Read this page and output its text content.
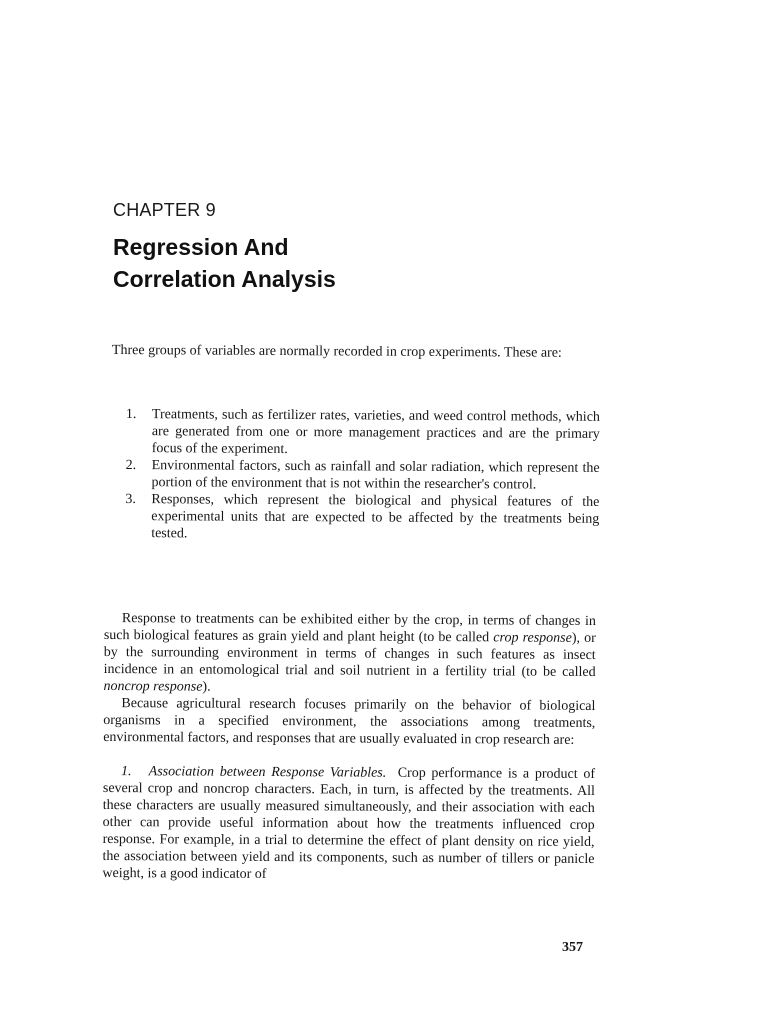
CHAPTER 9
Regression And
Correlation Analysis

Three groups of variables are normally recorded in crop experiments. These are:

1. Treatments, such as fertilizer rates, varieties, and weed control methods, which are generated from one or more management practices and are the primary focus of the experiment.
2. Environmental factors, such as rainfall and solar radiation, which represent the portion of the environment that is not within the researcher's control.
3. Responses, which represent the biological and physical features of the experimental units that are expected to be affected by the treatments being tested.

Response to treatments can be exhibited either by the crop, in terms of changes in such biological features as grain yield and plant height (to be called crop response), or by the surrounding environment in terms of changes in such features as insect incidence in an entomological trial and soil nutrient in a fertility trial (to be called noncrop response).

Because agricultural research focuses primarily on the behavior of biological organisms in a specified environment, the associations among treatments, environmental factors, and responses that are usually evaluated in crop research are:

1. Association between Response Variables. Crop performance is a product of several crop and noncrop characters. Each, in turn, is affected by the treatments. All these characters are usually measured simultaneously, and their association with each other can provide useful information about how the treatments influenced crop response. For example, in a trial to determine the effect of plant density on rice yield, the association between yield and its components, such as number of tillers or panicle weight, is a good indicator of

357
